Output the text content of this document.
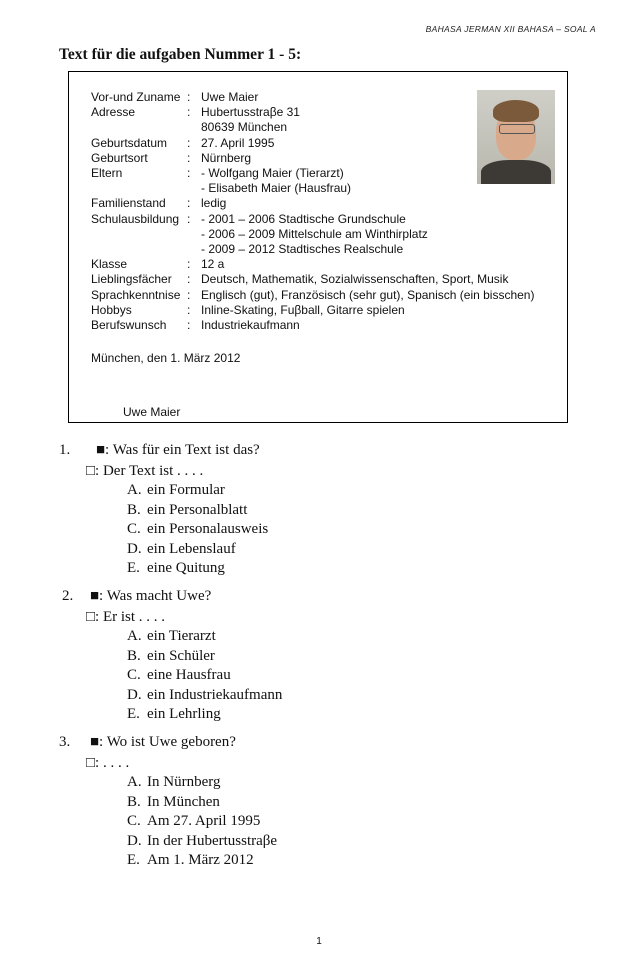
BAHASA JERMAN XII BAHASA – SOAL A
Text für die aufgaben Nummer 1 - 5:
Vor-und Zuname : Uwe Maier
Adresse	: Hubertusstraβe 31
80639 München
Geburtsdatum	: 27. April 1995
Geburtsort	: Nürnberg
Eltern	: - Wolfgang Maier (Tierarzt)
- Elisabeth Maier (Hausfrau)
Familienstand	: ledig
Schulausbildung : - 2001 – 2006 Stadtische Grundschule
- 2006 – 2009 Mittelschule am Winthirplatz
- 2009 – 2012 Stadtisches Realschule
Klasse	: 12 a
Lieblingsfächer	: Deutsch, Mathematik, Sozialwissenschaften, Sport, Musik
Sprachkenntnise : Englisch (gut), Französisch (sehr gut), Spanisch (ein bisschen)
Hobbys	: Inline-Skating, Fuβball, Gitarre spielen
Berufswunsch	: Industriekaufmann
München, den 1. März 2012
Uwe Maier
1. ■: Was für ein Text ist das?
□: Der Text ist . . . .
A. ein Formular
B. ein Personalblatt
C. ein Personalausweis
D. ein Lebenslauf
E. eine Quitung
2. ■: Was macht Uwe?
□: Er ist . . . .
A. ein Tierarzt
B. ein Schüler
C. eine Hausfrau
D. ein Industriekaufmann
E. ein Lehrling
3. ■: Wo ist Uwe geboren?
□: . . . .
A. In Nürnberg
B. In München
C. Am 27. April 1995
D. In der Hubertusstraβe
E. Am 1. März 2012
1
